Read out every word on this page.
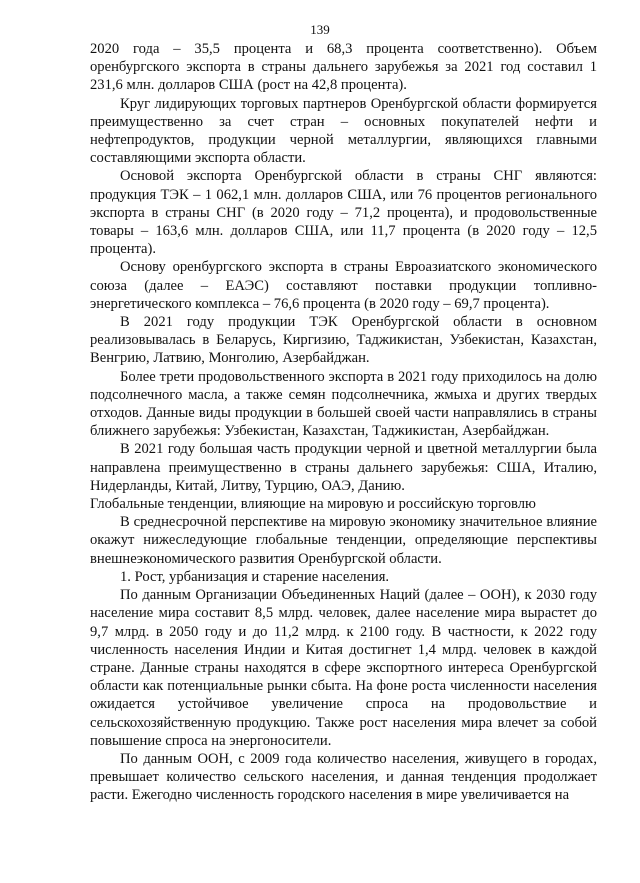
139

2020 года – 35,5 процента и 68,3 процента соответственно). Объем оренбургского экспорта в страны дальнего зарубежья за 2021 год составил 1 231,6 млн. долларов США (рост на 42,8 процента).

Круг лидирующих торговых партнеров Оренбургской области формируется преимущественно за счет стран – основных покупателей нефти и нефтепродуктов, продукции черной металлургии, являющихся главными составляющими экспорта области.

Основой экспорта Оренбургской области в страны СНГ являются: продукция ТЭК – 1 062,1 млн. долларов США, или 76 процентов регионального экспорта в страны СНГ (в 2020 году – 71,2 процента), и продовольственные товары – 163,6 млн. долларов США, или 11,7 процента (в 2020 году – 12,5 процента).

Основу оренбургского экспорта в страны Евроазиатского экономического союза (далее – ЕАЭС) составляют поставки продукции топливно-энергетического комплекса – 76,6 процента (в 2020 году – 69,7 процента).

В 2021 году продукции ТЭК Оренбургской области в основном реализовывалась в Беларусь, Киргизию, Таджикистан, Узбекистан, Казахстан, Венгрию, Латвию, Монголию, Азербайджан.

Более трети продовольственного экспорта в 2021 году приходилось на долю подсолнечного масла, а также семян подсолнечника, жмыха и других твердых отходов. Данные виды продукции в большей своей части направлялись в страны ближнего зарубежья: Узбекистан, Казахстан, Таджикистан, Азербайджан.

В 2021 году большая часть продукции черной и цветной металлургии была направлена преимущественно в страны дальнего зарубежья: США, Италию, Нидерланды, Китай, Литву, Турцию, ОАЭ, Данию.

Глобальные тенденции, влияющие на мировую и российскую торговлю

В среднесрочной перспективе на мировую экономику значительное влияние окажут нижеследующие глобальные тенденции, определяющие перспективы внешнеэкономического развития Оренбургской области.

1. Рост, урбанизация и старение населения.

По данным Организации Объединенных Наций (далее – ООН), к 2030 году население мира составит 8,5 млрд. человек, далее население мира вырастет до 9,7 млрд. в 2050 году и до 11,2 млрд. к 2100 году. В частности, к 2022 году численность населения Индии и Китая достигнет 1,4 млрд. человек в каждой стране. Данные страны находятся в сфере экспортного интереса Оренбургской области как потенциальные рынки сбыта. На фоне роста численности населения ожидается устойчивое увеличение спроса на продовольствие и сельскохозяйственную продукцию. Также рост населения мира влечет за собой повышение спроса на энергоносители.

По данным ООН, с 2009 года количество населения, живущего в городах, превышает количество сельского населения, и данная тенденция продолжает расти. Ежегодно численность городского населения в мире увеличивается на
